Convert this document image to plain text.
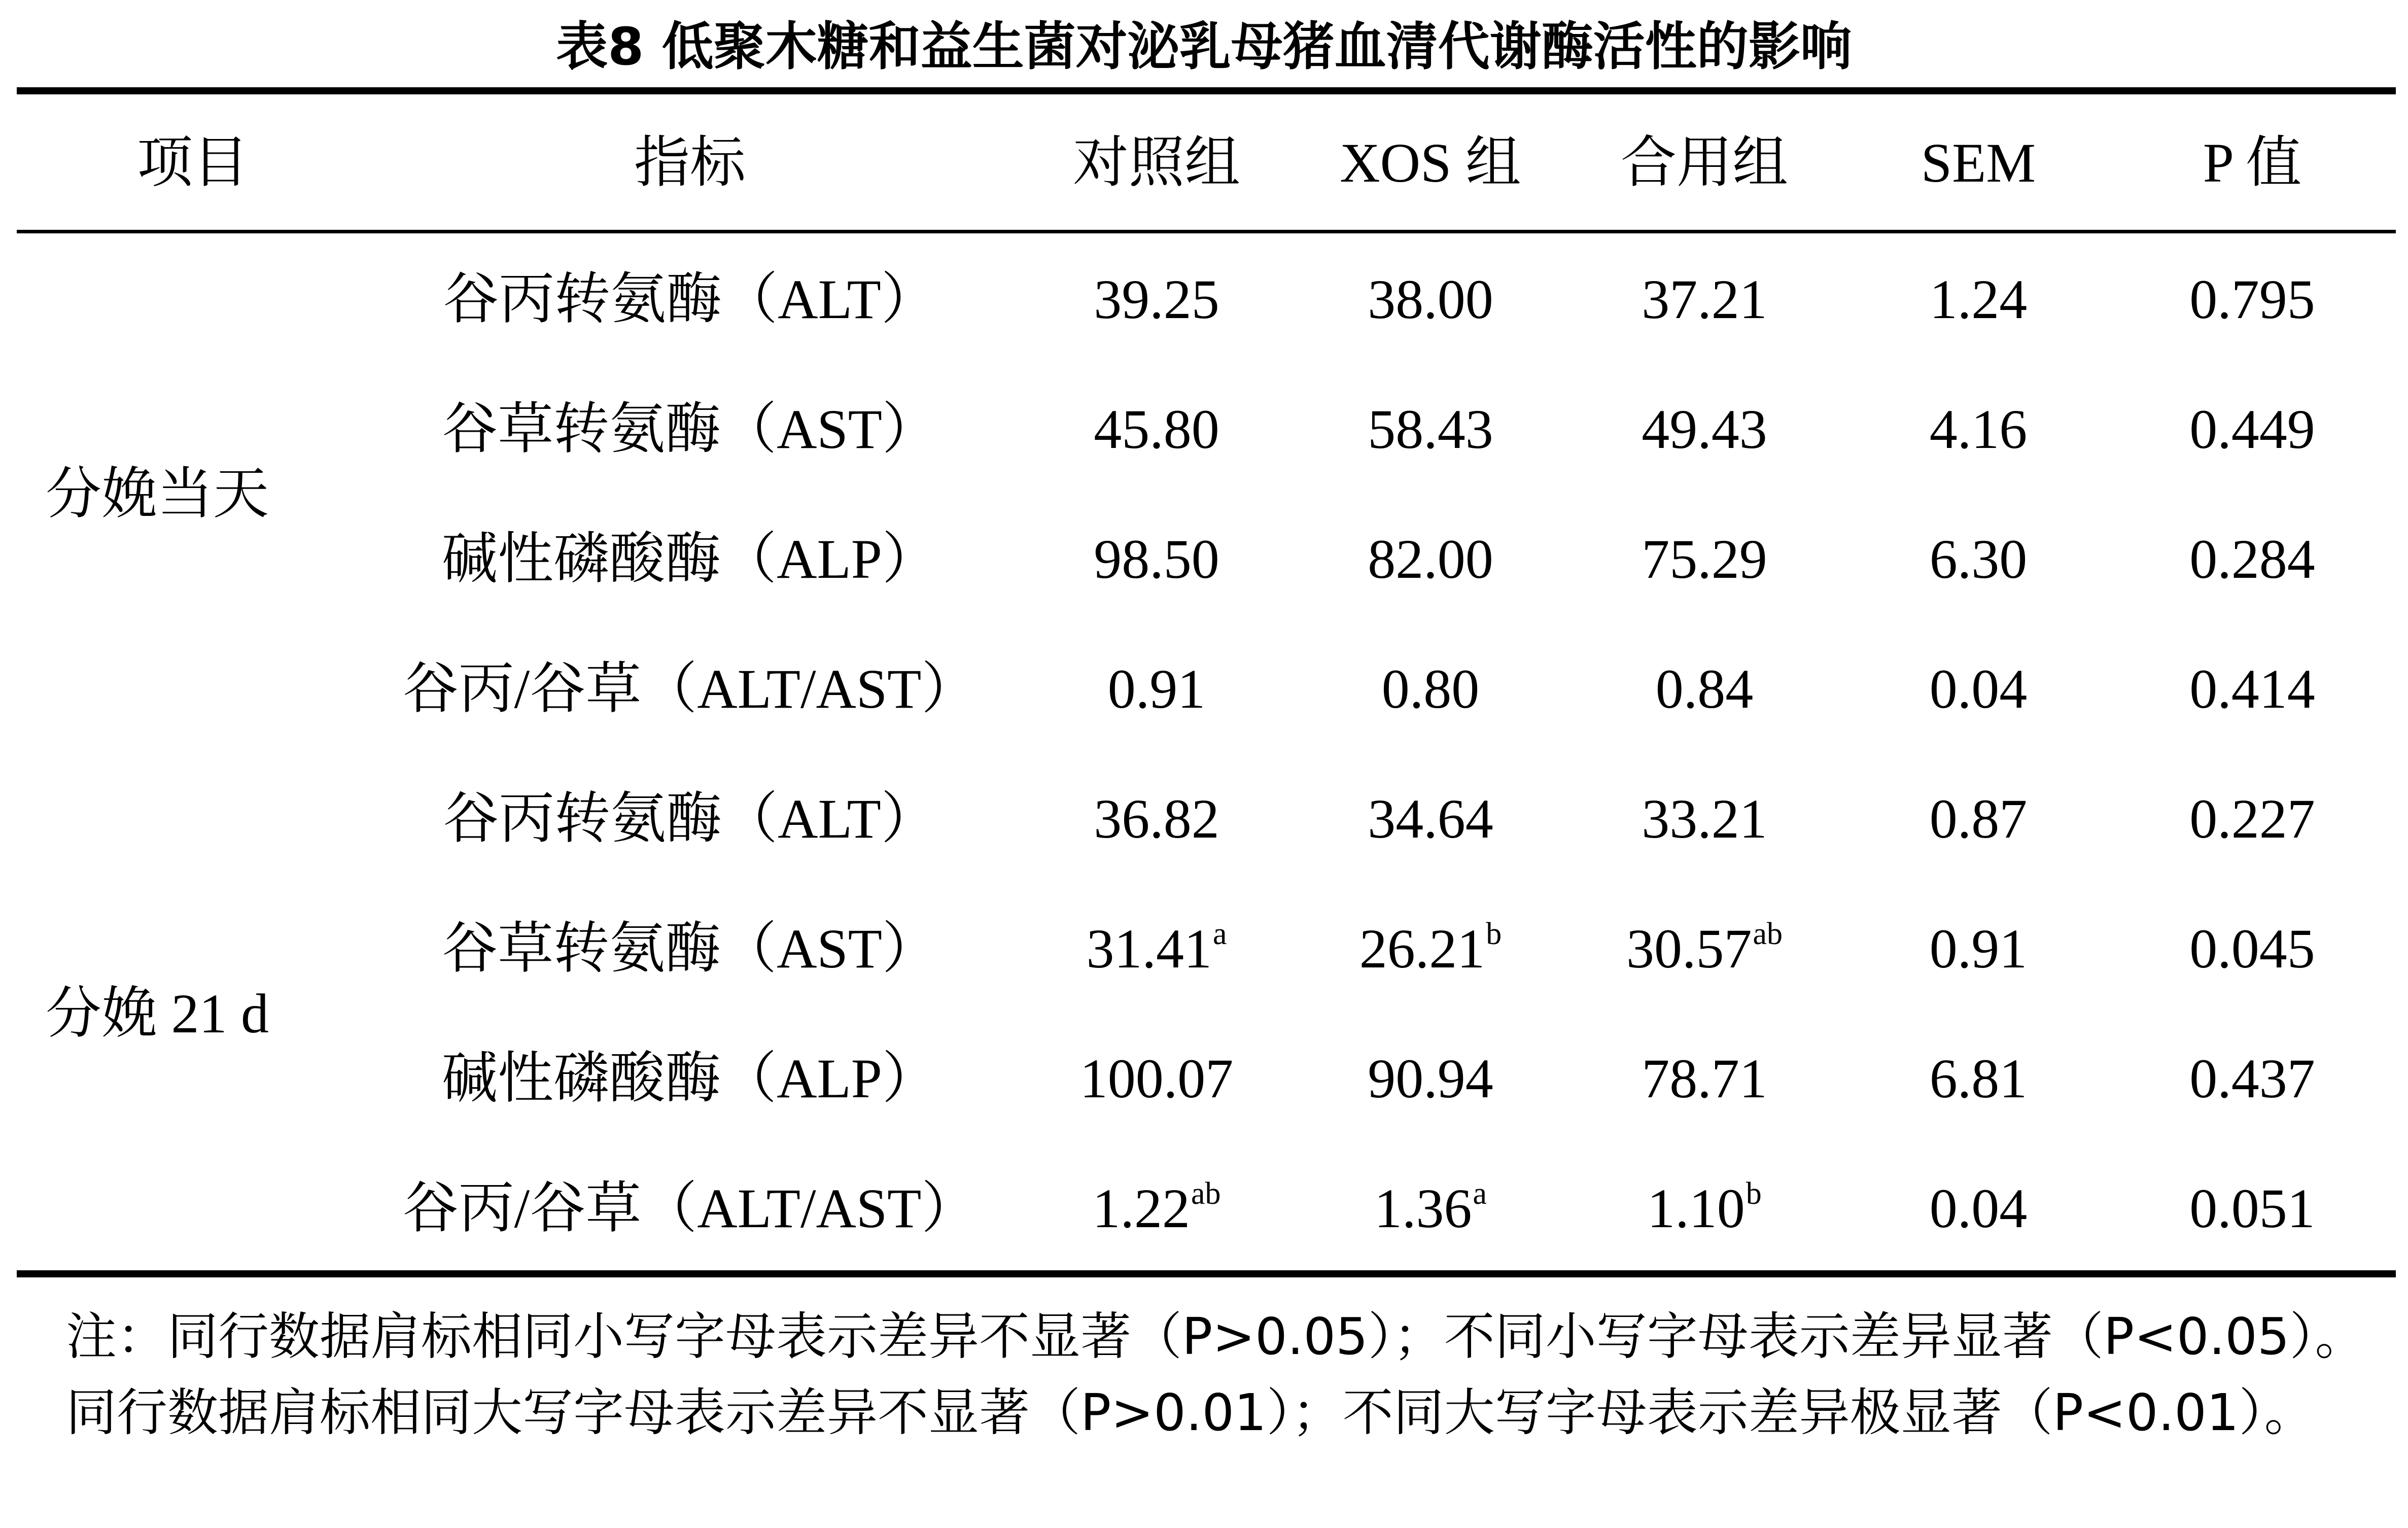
表8 低聚木糖和益生菌对泌乳母猪血清代谢酶活性的影响
项目	指标	对照组	XOS 组	合用组	SEM	P 值
分娩当天
谷丙转氨酶（ALT）	39.25	38.00	37.21	1.24	0.795
谷草转氨酶（AST）	45.80	58.43	49.43	4.16	0.449
碱性磷酸酶（ALP）	98.50	82.00	75.29	6.30	0.284
谷丙/谷草（ALT/AST）	0.91	0.80	0.84	0.04	0.414
分娩 21 d
谷丙转氨酶（ALT）	36.82	34.64	33.21	0.87	0.227
谷草转氨酶（AST）	31.41$^a$	26.21$^b$	30.57$^{ab}$	0.91	0.045
碱性磷酸酶（ALP）	100.07	90.94	78.71	6.81	0.437
谷丙/谷草（ALT/AST）	1.22$^{ab}$	1.36$^a$	1.10$^b$	0.04	0.051
注：同行数据肩标相同小写字母表示差异不显著（P>0.05）；不同小写字母表示差异显著（P<0.05）。同行数据肩标相同大写字母表示差异不显著（P>0.01）；不同大写字母表示差异极显著（P<0.01）。
